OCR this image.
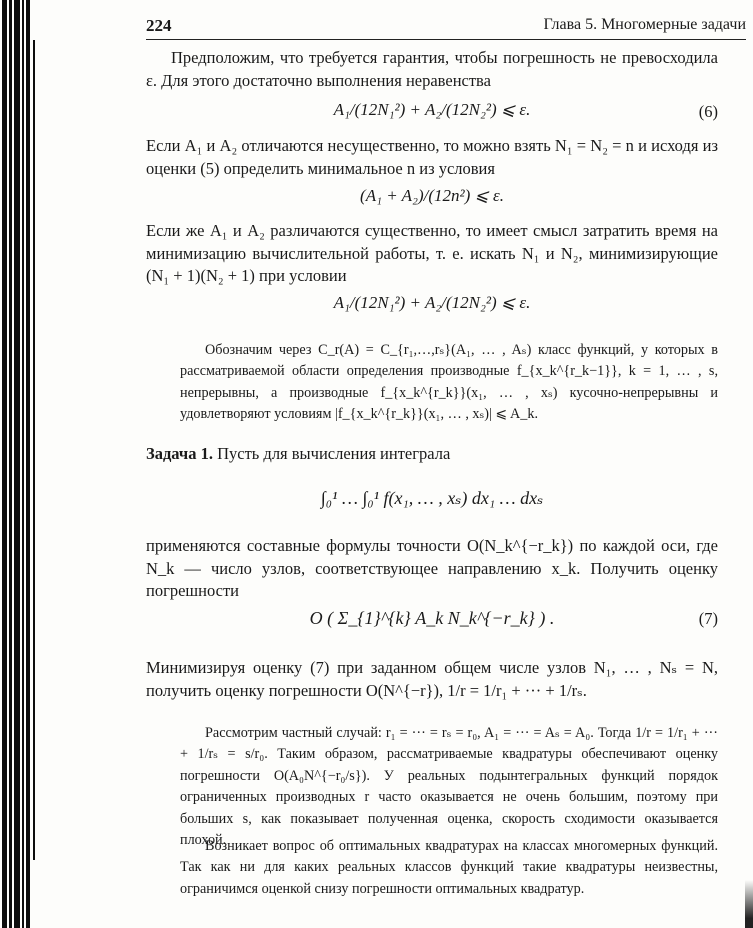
224	Глава 5. Многомерные задачи

Предположим, что требуется гарантия, чтобы погрешность не превосходила ε. Для этого достаточно выполнения неравенства

A₁/(12N₁²) + A₂/(12N₂²) ⩽ ε.	(6)

Если A₁ и A₂ отличаются несущественно, то можно взять N₁ = N₂ = n и исходя из оценки (5) определить минимальное n из условия

(A₁ + A₂)/(12n²) ⩽ ε.

Если же A₁ и A₂ различаются существенно, то имеет смысл затратить время на минимизацию вычислительной работы, т. е. искать N₁ и N₂, минимизирующие (N₁ + 1)(N₂ + 1) при условии

A₁/(12N₁²) + A₂/(12N₂²) ⩽ ε.

Обозначим через C_r(A) = C_{r₁,…,rₛ}(A₁, … , Aₛ) класс функций, у которых в рассматриваемой области определения производные f_{x_k^{r_k−1}}, k = 1, … , s, непрерывны, а производные f_{x_k^{r_k}}(x₁, … , xₛ) кусочно-непрерывны и удовлетворяют условиям |f_{x_k^{r_k}}(x₁, … , xₛ)| ⩽ A_k.

Задача 1. Пусть для вычисления интеграла

∫₀¹ … ∫₀¹ f(x₁, … , xₛ) dx₁ … dxₛ

применяются составные формулы точности O(N_k^{−r_k}) по каждой оси, где N_k — число узлов, соответствующее направлению x_k. Получить оценку погрешности

O ( Σ_{1}^{k} A_k N_k^{−r_k} ) .	(7)

Минимизируя оценку (7) при заданном общем числе узлов N₁, … , Nₛ = N, получить оценку погрешности O(N^{−r}), 1/r = 1/r₁ + ··· + 1/rₛ.

Рассмотрим частный случай: r₁ = ··· = rₛ = r₀, A₁ = ··· = Aₛ = A₀. Тогда 1/r = 1/r₁ + ··· + 1/rₛ = s/r₀. Таким образом, рассматриваемые квадратуры обеспечивают оценку погрешности O(A₀N^{−r₀/s}). У реальных подынтегральных функций порядок ограниченных производных r часто оказывается не очень большим, поэтому при больших s, как показывает полученная оценка, скорость сходимости оказывается плохой.

Возникает вопрос об оптимальных квадратурах на классах многомерных функций. Так как ни для каких реальных классов функций такие квадратуры неизвестны, ограничимся оценкой снизу погрешности оптимальных квадратур.
